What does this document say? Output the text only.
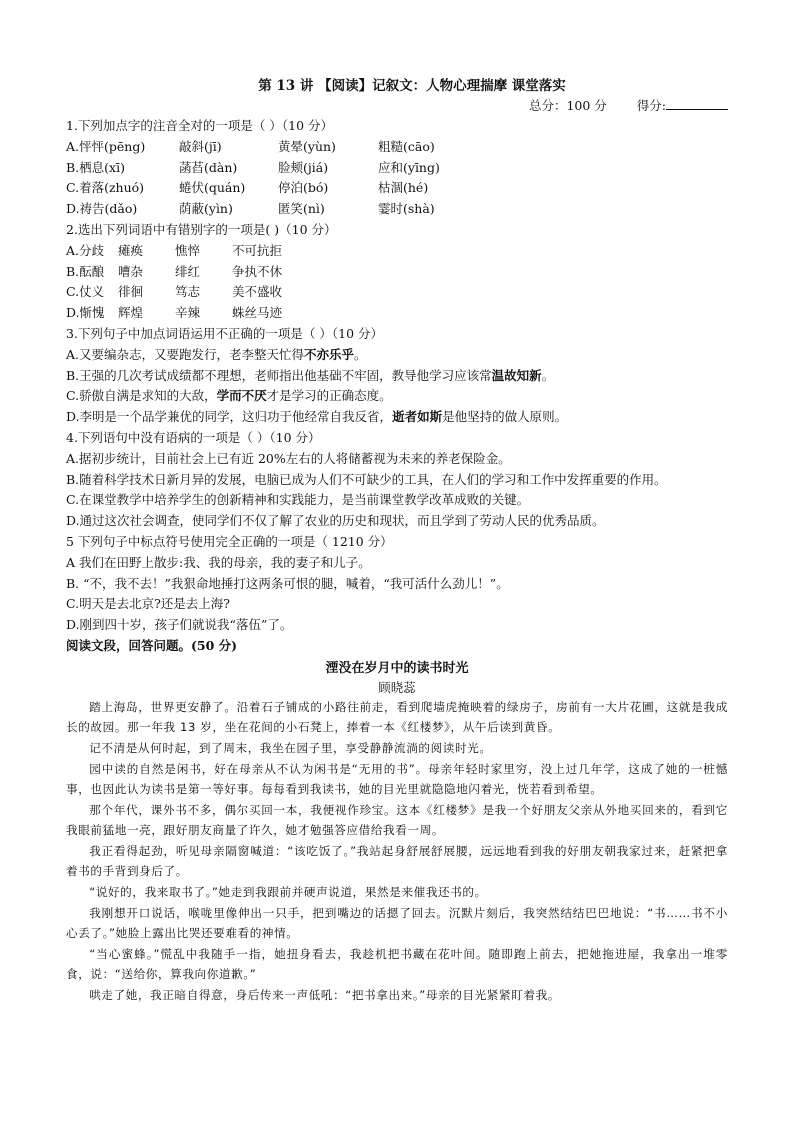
第 13 讲 【阅读】记叙文：人物心理揣摩 课堂落实
总分：100 分 得分:
1.下列加点字的注音全对的一项是（ ）（10 分）
A.怦怦(pēng)	敲斜(jī)	黄晕(yùn)	粗糙(cāo)
B.栖息(xī)	菡萏(dàn)	脸颊(jiá)	应和(yīng)
C.着落(zhuó)	蜷伏(quán)	停泊(bó)	枯涸(hé)
D.祷告(dǎo)	荫蔽(yìn)	匿笑(nì)	霎时(shà)
2.选出下列词语中有错别字的一项是( )（10 分）
A.分歧	瘫痪	憔悴	不可抗拒
B.酝酿	嘈杂	绯红	争执不休
C.仗义	徘徊	笃志	美不盛收
D.惭愧	辉煌	辛辣	蛛丝马迹
3.下列句子中加点词语运用不正确的一项是（ ）（10 分）
A.又要编杂志，又要跑发行，老李整天忙得不亦乐乎。
B.王强的几次考试成绩都不理想，老师指出他基础不牢固，教导他学习应该常温故知新。
C.骄傲自满是求知的大敌，学而不厌才是学习的正确态度。
D.李明是一个品学兼优的同学，这归功于他经常自我反省，逝者如斯是他坚持的做人原则。
4.下列语句中没有语病的一项是（ ）（10 分）
A.据初步统计，目前社会上已有近 20%左右的人将储蓄视为未来的养老保险金。
B.随着科学技术日新月异的发展，电脑已成为人们不可缺少的工具，在人们的学习和工作中发挥重要的作用。
C.在课堂教学中培养学生的创新精神和实践能力，是当前课堂教学改革成败的关键。
D.通过这次社会调查，使同学们不仅了解了农业的历史和现状，而且学到了劳动人民的优秀品质。
5 下列句子中标点符号使用完全正确的一项是（ 1210 分）
A 我们在田野上散步:我、我的母亲，我的妻子和儿子。
B. “不，我不去！”我狠命地捶打这两条可恨的腿，喊着，“我可活什么劲儿！”。
C.明天是去北京?还是去上海?
D.刚到四十岁，孩子们就说我“落伍”了。
阅读文段，回答问题。(50 分)
湮没在岁月中的读书时光
顾晓蕊

踏上海岛，世界更安静了。沿着石子铺成的小路往前走，看到爬墙虎掩映着的绿房子，房前有一大片花圃，这就是我成长的故园。那一年我 13 岁，坐在花间的小石凳上，捧着一本《红楼梦》，从午后读到黄昏。

记不清是从何时起，到了周末，我坐在园子里，享受静静流淌的阅读时光。

园中读的自然是闲书，好在母亲从不认为闲书是“无用的书”。母亲年轻时家里穷，没上过几年学，这成了她的一桩憾事，也因此认为读书是第一等好事。每每看到我读书，她的目光里就隐隐地闪着光，恍若看到希望。

那个年代，课外书不多，偶尔买回一本，我便视作珍宝。这本《红楼梦》是我一个好朋友父亲从外地买回来的，看到它我眼前猛地一亮，跟好朋友商量了许久，她才勉强答应借给我看一周。

我正看得起劲，听见母亲隔窗喊道：“该吃饭了。”我站起身舒展舒展腰，远远地看到我的好朋友朝我家过来，赶紧把拿着书的手背到身后了。

“说好的，我来取书了。”她走到我跟前并硬声说道，果然是来催我还书的。

我刚想开口说话，喉咙里像伸出一只手，把到嘴边的话摁了回去。沉默片刻后，我突然结结巴巴地说：“书……书不小心丢了。”她脸上露出比哭还要难看的神情。

“当心蜜蜂。”慌乱中我随手一指，她扭身看去，我趁机把书藏在花叶间。随即跑上前去，把她拖进屋，我拿出一堆零食，说：“送给你，算我向你道歉。”

哄走了她，我正暗自得意，身后传来一声低吼：“把书拿出来。”母亲的目光紧紧盯着我。
